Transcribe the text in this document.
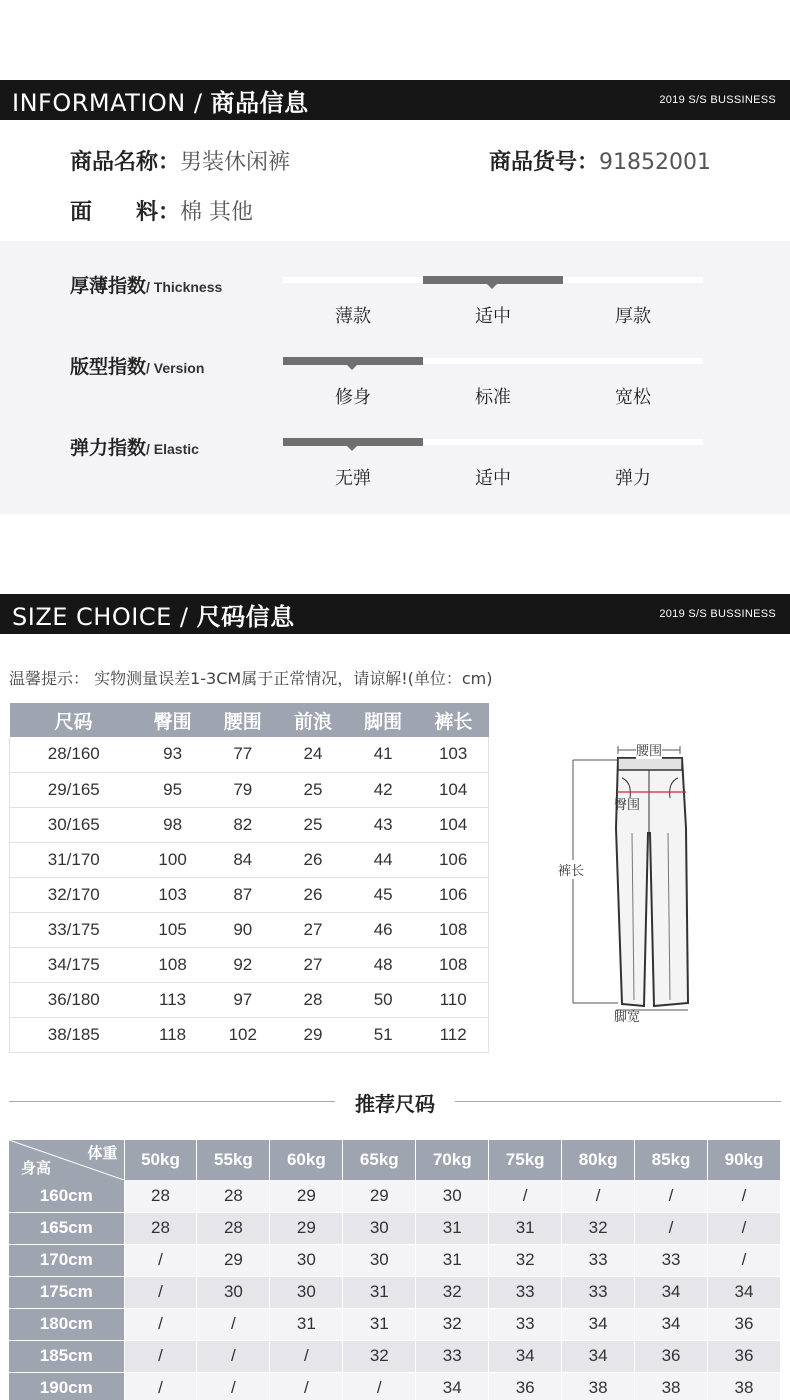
INFORMATION / 商品信息	2019 S/S BUSSINESS
商品名称：男装休闲裤	商品货号：91852001
面　　料：棉 其他
厚薄指数/ Thickness
薄款	适中	厚款
版型指数/ Version
修身	标准	宽松
弹力指数/ Elastic
无弹	适中	弹力
SIZE CHOICE / 尺码信息	2019 S/S BUSSINESS
温馨提示： 实物测量误差1-3CM属于正常情况，请谅解!(单位：cm)
尺码	臀围	腰围	前浪	脚围	裤长
28/160	93	77	24	41	103
29/165	95	79	25	42	104
30/165	98	82	25	43	104
31/170	100	84	26	44	106
32/170	103	87	26	45	106
33/175	105	90	27	46	108
34/175	108	92	27	48	108
36/180	113	97	28	50	110
38/185	118	102	29	51	112
腰围
臀围
裤长
脚宽
推荐尺码
体重
身高	50kg	55kg	60kg	65kg	70kg	75kg	80kg	85kg	90kg
160cm	28	28	29	29	30	/	/	/	/
165cm	28	28	29	30	31	31	32	/	/
170cm	/	29	30	30	31	32	33	33	/
175cm	/	30	30	31	32	33	33	34	34
180cm	/	/	31	31	32	33	34	34	36
185cm	/	/	/	32	33	34	34	36	36
190cm	/	/	/	/	34	36	38	38	38
